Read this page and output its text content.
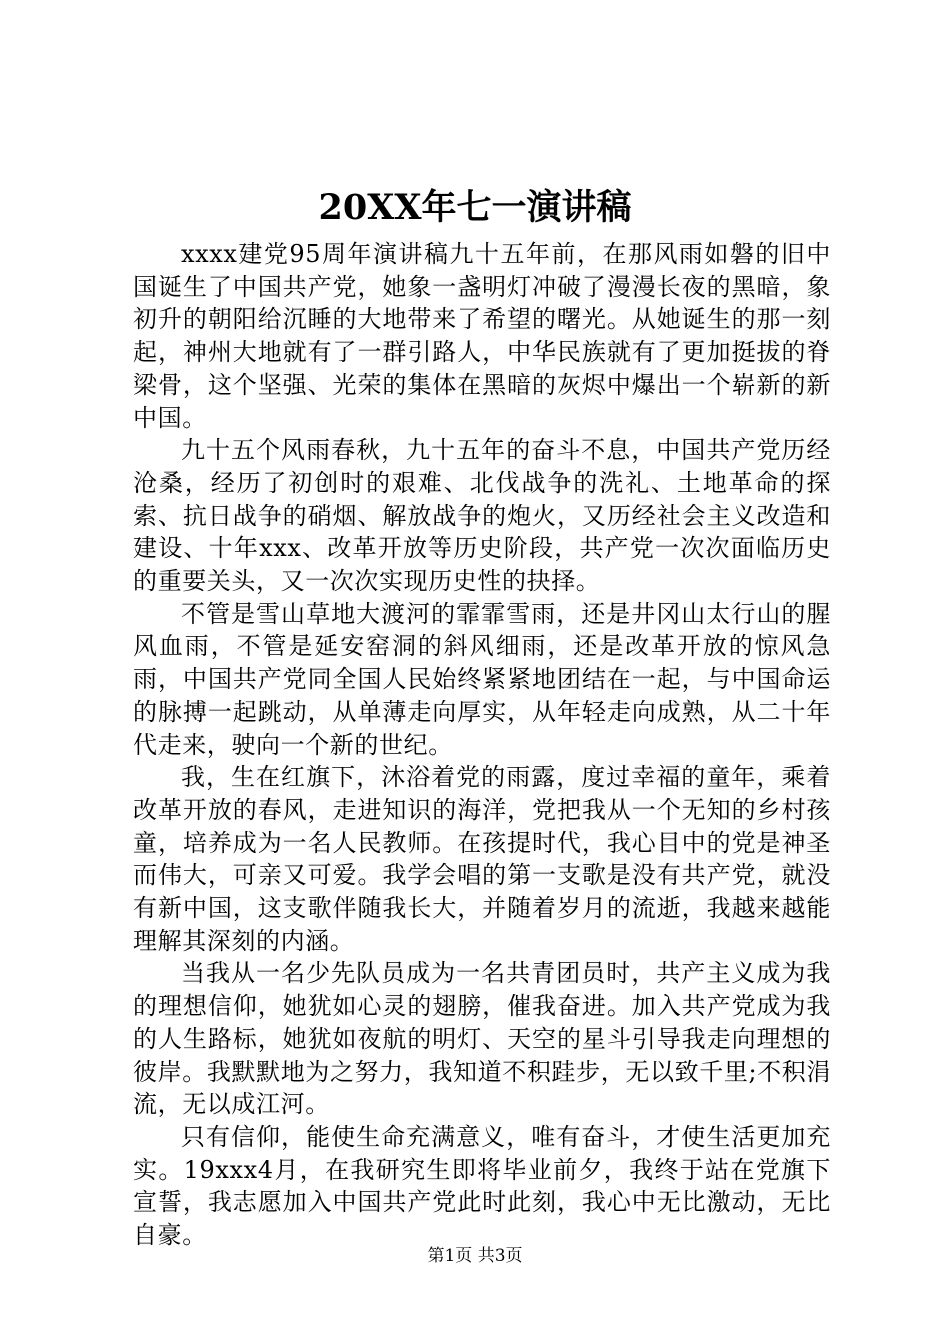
20XX年七一演讲稿

xxxx建党95周年演讲稿九十五年前，在那风雨如磐的旧中国诞生了中国共产党，她象一盏明灯冲破了漫漫长夜的黑暗，象初升的朝阳给沉睡的大地带来了希望的曙光。从她诞生的那一刻起，神州大地就有了一群引路人，中华民族就有了更加挺拔的脊梁骨，这个坚强、光荣的集体在黑暗的灰烬中爆出一个崭新的新中国。

九十五个风雨春秋，九十五年的奋斗不息，中国共产党历经沧桑，经历了初创时的艰难、北伐战争的洗礼、土地革命的探索、抗日战争的硝烟、解放战争的炮火，又历经社会主义改造和建设、十年xxx、改革开放等历史阶段，共产党一次次面临历史的重要关头，又一次次实现历史性的抉择。

不管是雪山草地大渡河的霏霏雪雨，还是井冈山太行山的腥风血雨，不管是延安窑洞的斜风细雨，还是改革开放的惊风急雨，中国共产党同全国人民始终紧紧地团结在一起，与中国命运的脉搏一起跳动，从单薄走向厚实，从年轻走向成熟，从二十年代走来，驶向一个新的世纪。

我，生在红旗下，沐浴着党的雨露，度过幸福的童年，乘着改革开放的春风，走进知识的海洋，党把我从一个无知的乡村孩童，培养成为一名人民教师。在孩提时代，我心目中的党是神圣而伟大，可亲又可爱。我学会唱的第一支歌是没有共产党，就没有新中国，这支歌伴随我长大，并随着岁月的流逝，我越来越能理解其深刻的内涵。

当我从一名少先队员成为一名共青团员时，共产主义成为我的理想信仰，她犹如心灵的翅膀，催我奋进。加入共产党成为我的人生路标，她犹如夜航的明灯、天空的星斗引导我走向理想的彼岸。我默默地为之努力，我知道不积跬步，无以致千里;不积涓流，无以成江河。

只有信仰，能使生命充满意义，唯有奋斗，才使生活更加充实。19xxx4月，在我研究生即将毕业前夕，我终于站在党旗下宣誓，我志愿加入中国共产党此时此刻，我心中无比激动，无比自豪。

第1页 共3页
